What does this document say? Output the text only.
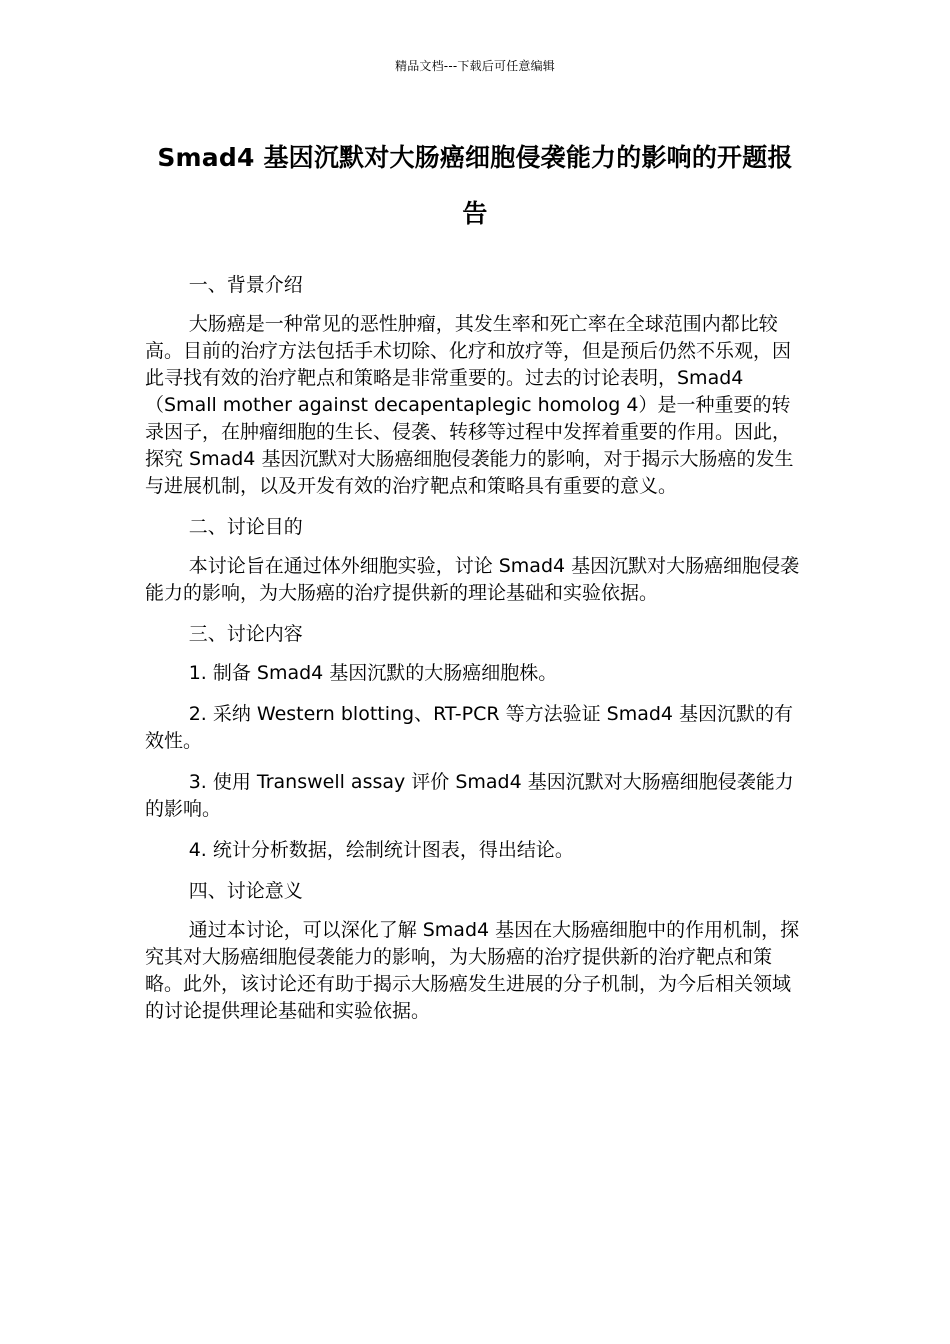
精品文档---下载后可任意编辑
Smad4 基因沉默对大肠癌细胞侵袭能力的影响的开题报告

一、背景介绍

大肠癌是一种常见的恶性肿瘤，其发生率和死亡率在全球范围内都比较高。目前的治疗方法包括手术切除、化疗和放疗等，但是预后仍然不乐观，因此寻找有效的治疗靶点和策略是非常重要的。过去的讨论表明，Smad4（Small mother against decapentaplegic homolog 4）是一种重要的转录因子，在肿瘤细胞的生长、侵袭、转移等过程中发挥着重要的作用。因此，探究 Smad4 基因沉默对大肠癌细胞侵袭能力的影响，对于揭示大肠癌的发生与进展机制，以及开发有效的治疗靶点和策略具有重要的意义。

二、讨论目的

本讨论旨在通过体外细胞实验，讨论 Smad4 基因沉默对大肠癌细胞侵袭能力的影响，为大肠癌的治疗提供新的理论基础和实验依据。

三、讨论内容

1. 制备 Smad4 基因沉默的大肠癌细胞株。

2. 采纳 Western blotting、RT-PCR 等方法验证 Smad4 基因沉默的有效性。

3. 使用 Transwell assay 评价 Smad4 基因沉默对大肠癌细胞侵袭能力的影响。

4. 统计分析数据，绘制统计图表，得出结论。

四、讨论意义

通过本讨论，可以深化了解 Smad4 基因在大肠癌细胞中的作用机制，探究其对大肠癌细胞侵袭能力的影响，为大肠癌的治疗提供新的治疗靶点和策略。此外，该讨论还有助于揭示大肠癌发生进展的分子机制，为今后相关领域的讨论提供理论基础和实验依据。
